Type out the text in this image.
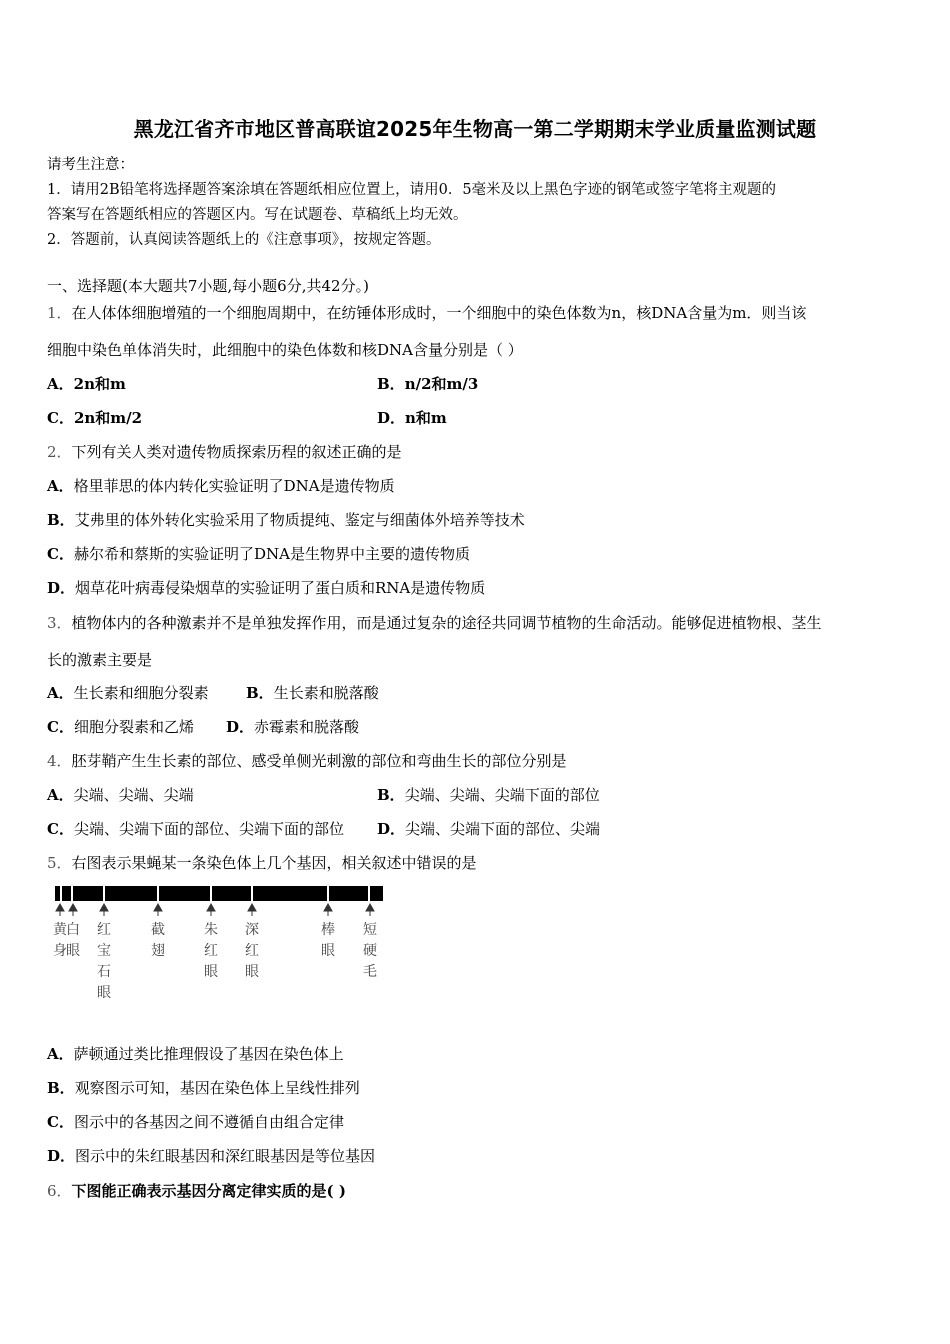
黑龙江省齐市地区普高联谊2025年生物高一第二学期期末学业质量监测试题
请考生注意：
1．请用2B铅笔将选择题答案涂填在答题纸相应位置上，请用0．5毫米及以上黑色字迹的钢笔或签字笔将主观题的
答案写在答题纸相应的答题区内。写在试题卷、草稿纸上均无效。
2．答题前，认真阅读答题纸上的《注意事项》，按规定答题。
一、选择题(本大题共7小题,每小题6分,共42分。)
1．在人体体细胞增殖的一个细胞周期中，在纺锤体形成时，一个细胞中的染色体数为n，核DNA含量为m．则当该
细胞中染色单体消失时，此细胞中的染色体数和核DNA含量分别是（ ）
A．2n和m	B．n/2和m/3
C．2n和m/2	D．n和m
2．下列有关人类对遗传物质探索历程的叙述正确的是
A．格里菲思的体内转化实验证明了DNA是遗传物质
B．艾弗里的体外转化实验采用了物质提纯、鉴定与细菌体外培养等技术
C．赫尔希和蔡斯的实验证明了DNA是生物界中主要的遗传物质
D．烟草花叶病毒侵染烟草的实验证明了蛋白质和RNA是遗传物质
3．植物体内的各种激素并不是单独发挥作用，而是通过复杂的途径共同调节植物的生命活动。能够促进植物根、茎生
长的激素主要是
A．生长素和细胞分裂素 B．生长素和脱落酸
C．细胞分裂素和乙烯 D．赤霉素和脱落酸
4．胚芽鞘产生生长素的部位、感受单侧光刺激的部位和弯曲生长的部位分别是
A．尖端、尖端、尖端	B．尖端、尖端、尖端下面的部位
C．尖端、尖端下面的部位、尖端下面的部位 D．尖端、尖端下面的部位、尖端
5．右图表示果蝇某一条染色体上几个基因，相关叙述中错误的是
黄身
白眼
红宝石眼
截翅
朱红眼
深红眼
棒眼
短硬毛
A．萨顿通过类比推理假设了基因在染色体上
B．观察图示可知，基因在染色体上呈线性排列
C．图示中的各基因之间不遵循自由组合定律
D．图示中的朱红眼基因和深红眼基因是等位基因
6．下图能正确表示基因分离定律实质的是( )
